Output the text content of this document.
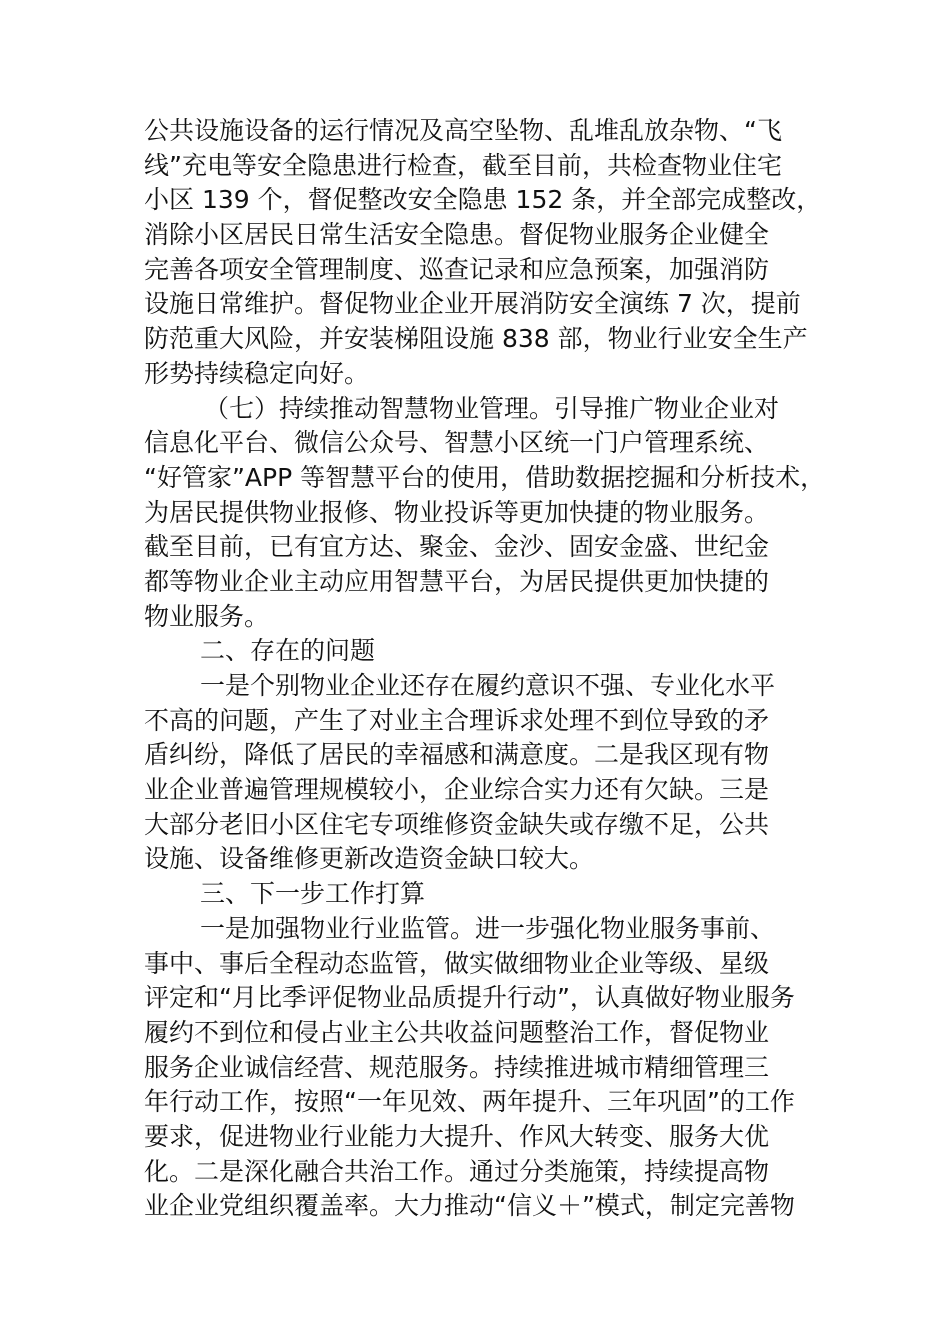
公共设施设备的运行情况及高空坠物、乱堆乱放杂物、“飞
线”充电等安全隐患进行检查，截至目前，共检查物业住宅
小区 139 个，督促整改安全隐患 152 条，并全部完成整改，
消除小区居民日常生活安全隐患。督促物业服务企业健全
完善各项安全管理制度、巡查记录和应急预案，加强消防
设施日常维护。督促物业企业开展消防安全演练 7 次，提前
防范重大风险，并安装梯阻设施 838 部，物业行业安全生产
形势持续稳定向好。
（七）持续推动智慧物业管理。引导推广物业企业对
信息化平台、微信公众号、智慧小区统一门户管理系统、
“好管家”APP 等智慧平台的使用，借助数据挖掘和分析技术，
为居民提供物业报修、物业投诉等更加快捷的物业服务。
截至目前，已有宜方达、聚金、金沙、固安金盛、世纪金
都等物业企业主动应用智慧平台，为居民提供更加快捷的
物业服务。
二、存在的问题
一是个别物业企业还存在履约意识不强、专业化水平
不高的问题，产生了对业主合理诉求处理不到位导致的矛
盾纠纷，降低了居民的幸福感和满意度。二是我区现有物
业企业普遍管理规模较小，企业综合实力还有欠缺。三是
大部分老旧小区住宅专项维修资金缺失或存缴不足，公共
设施、设备维修更新改造资金缺口较大。
三、下一步工作打算
一是加强物业行业监管。进一步强化物业服务事前、
事中、事后全程动态监管，做实做细物业企业等级、星级
评定和“月比季评促物业品质提升行动”，认真做好物业服务
履约不到位和侵占业主公共收益问题整治工作，督促物业
服务企业诚信经营、规范服务。持续推进城市精细管理三
年行动工作，按照“一年见效、两年提升、三年巩固”的工作
要求，促进物业行业能力大提升、作风大转变、服务大优
化。二是深化融合共治工作。通过分类施策，持续提高物
业企业党组织覆盖率。大力推动“信义＋”模式，制定完善物
